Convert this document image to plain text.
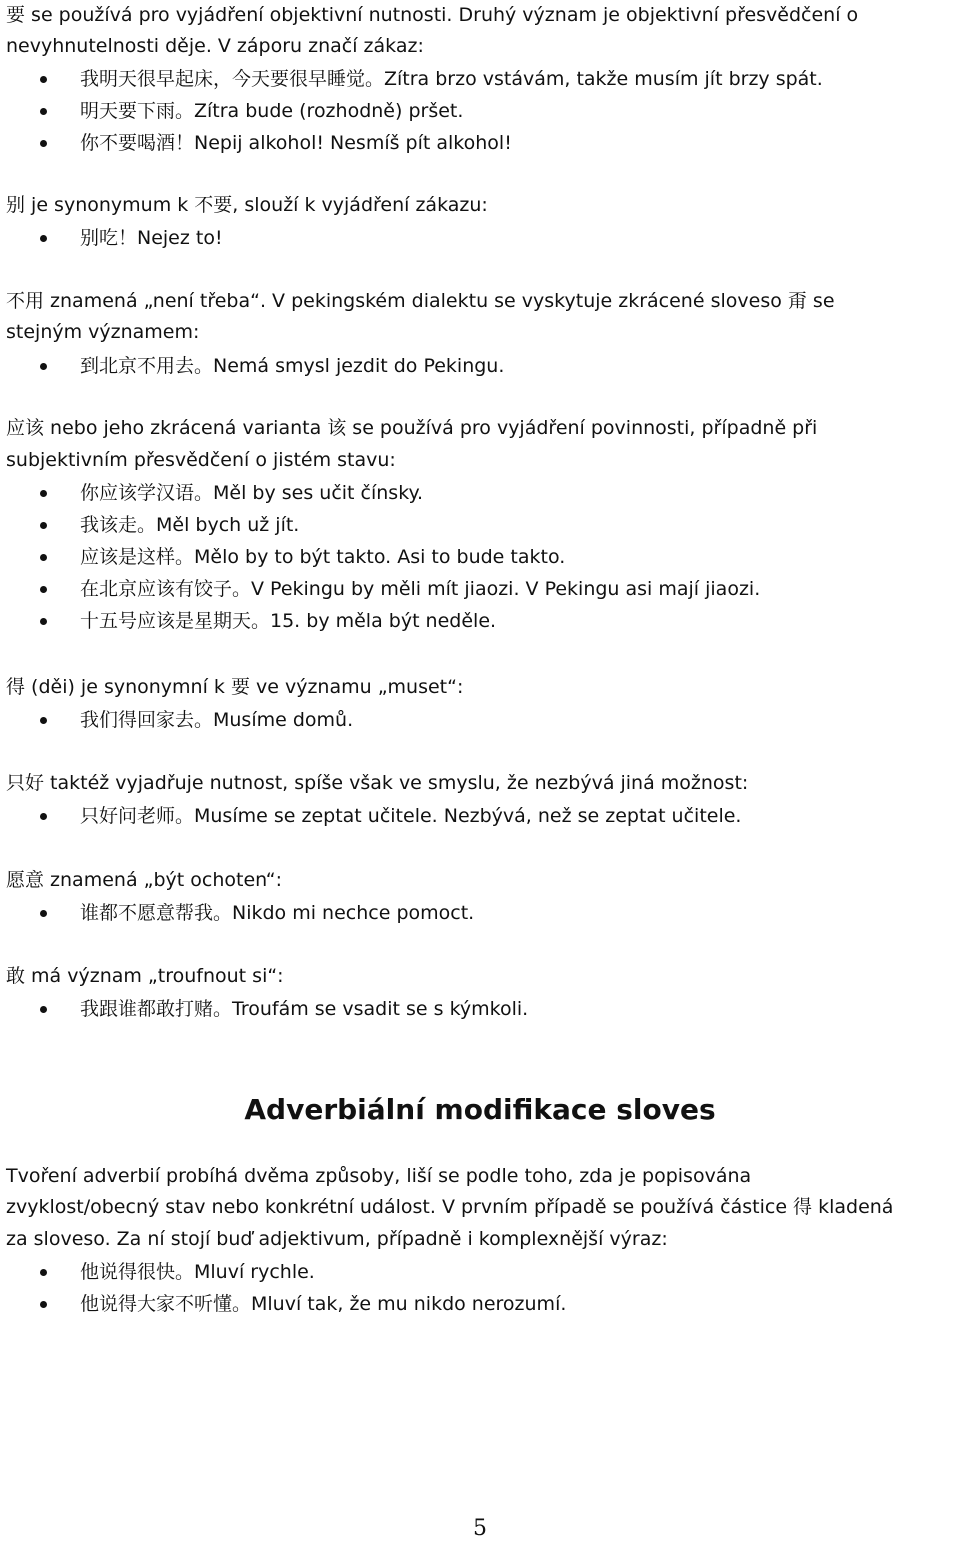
要 se používá pro vyjádření objektivní nutnosti. Druhý význam je objektivní přesvědčení o
nevyhnutelnosti děje. V záporu značí zákaz:
我明天很早起床，今天要很早睡觉。Zítra brzo vstávám, takže musím jít brzy spát.
明天要下雨。Zítra bude (rozhodně) pršet.
你不要喝酒！Nepij alkohol! Nesmíš pít alkohol!
别 je synonymum k 不要, slouží k vyjádření zákazu:
别吃！Nejez to!
不用 znamená „není třeba“. V pekingském dialektu se vyskytuje zkrácené sloveso 甭 se
stejným významem:
到北京不用去。Nemá smysl jezdit do Pekingu.
应该 nebo jeho zkrácená varianta 该 se používá pro vyjádření povinnosti, případně při
subjektivním přesvědčení o jistém stavu:
你应该学汉语。Měl by ses učit čínsky.
我该走。Měl bych už jít.
应该是这样。Mělo by to být takto. Asi to bude takto.
在北京应该有饺子。V Pekingu by měli mít jiaozi. V Pekingu asi mají jiaozi.
十五号应该是星期天。15. by měla být neděle.
得 (děi) je synonymní k 要 ve významu „muset“:
我们得回家去。Musíme domů.
只好 taktéž vyjadřuje nutnost, spíše však ve smyslu, že nezbývá jiná možnost:
只好问老师。Musíme se zeptat učitele. Nezbývá, než se zeptat učitele.
愿意 znamená „být ochoten“:
谁都不愿意帮我。Nikdo mi nechce pomoct.
敢 má význam „troufnout si“:
我跟谁都敢打赌。Troufám se vsadit se s kýmkoli.
Adverbiální modifikace sloves
Tvoření adverbií probíhá dvěma způsoby, liší se podle toho, zda je popisována
zvyklost/obecný stav nebo konkrétní událost. V prvním případě se používá částice 得 kladená
za sloveso. Za ní stojí buď adjektivum, případně i komplexnější výraz:
他说得很快。Mluví rychle.
他说得大家不听懂。Mluví tak, že mu nikdo nerozumí.
5
